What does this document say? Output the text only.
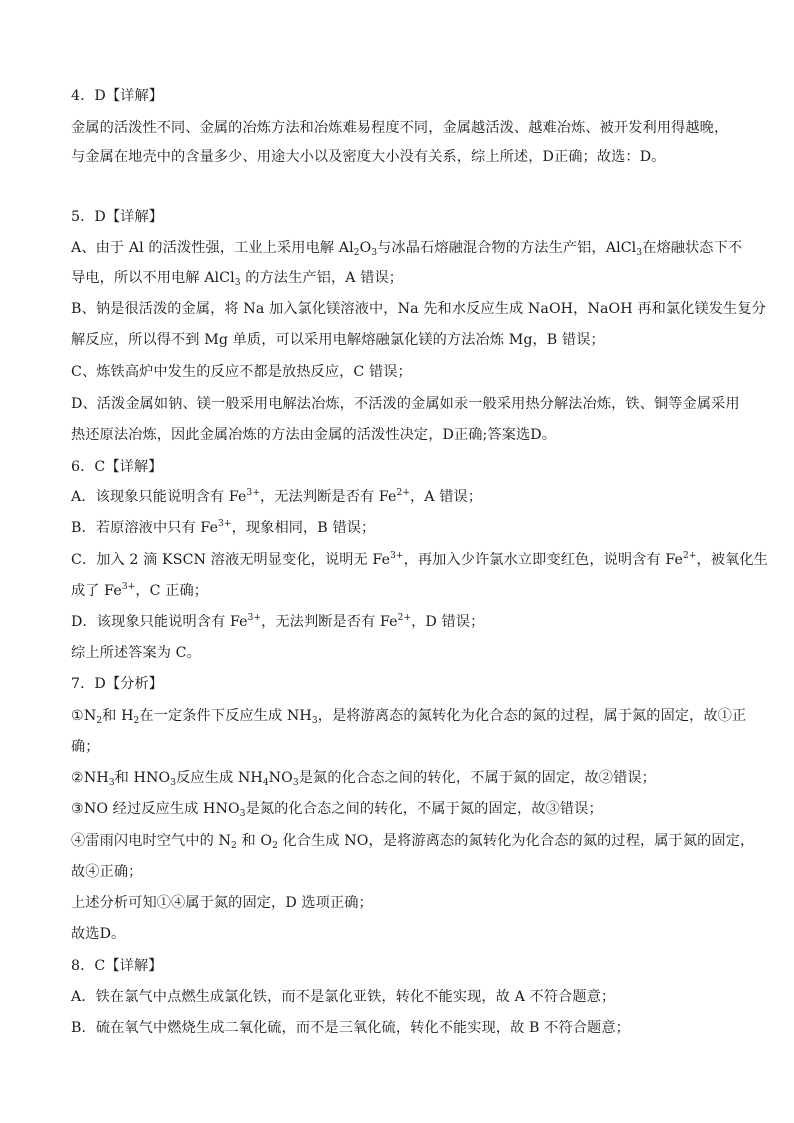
4．D【详解】
金属的活泼性不同、金属的冶炼方法和冶炼难易程度不同，金属越活泼、越难冶炼、被开发利用得越晚，
与金属在地壳中的含量多少、用途大小以及密度大小没有关系，综上所述，D正确；故选：D。
5．D【详解】
A、由于 Al 的活泼性强，工业上采用电解 $Al_2O_3$与冰晶石熔融混合物的方法生产铝，AlCl$_3$在熔融状态下不
导电，所以不用电解 AlCl$_3$ 的方法生产铝，A 错误；
B、钠是很活泼的金属，将 Na 加入氯化镁溶液中，Na 先和水反应生成 NaOH，NaOH 再和氯化镁发生复分
解反应，所以得不到 Mg 单质，可以采用电解熔融氯化镁的方法冶炼 Mg，B 错误；
C、炼铁高炉中发生的反应不都是放热反应，C 错误；
D、活泼金属如钠、镁一般采用电解法冶炼，不活泼的金属如汞一般采用热分解法冶炼，铁、铜等金属采用
热还原法冶炼，因此金属冶炼的方法由金属的活泼性决定，D正确;答案选D。
6．C【详解】
A．该现象只能说明含有 $Fe^{3+}$，无法判断是否有 $Fe^{2+}$，A 错误；
B．若原溶液中只有 $Fe^{3+}$，现象相同，B 错误；
C．加入 2 滴 KSCN 溶液无明显变化，说明无 $Fe^{3+}$，再加入少许氯水立即变红色，说明含有 $Fe^{2+}$，被氧化生
成了 $Fe^{3+}$，C 正确；
D．该现象只能说明含有 $Fe^{3+}$，无法判断是否有 $Fe^{2+}$，D 错误；
综上所述答案为 C。
7．D【分析】
$①N_2$和 $H_2$在一定条件下反应生成 $NH_3$，是将游离态的氮转化为化合态的氮的过程，属于氮的固定，故①正
确；
$②NH_3$和 $HNO_3$反应生成 $NH_4NO_3$是氮的化合态之间的转化，不属于氮的固定，故②错误；
③NO 经过反应生成 $HNO_3$是氮的化合态之间的转化，不属于氮的固定，故③错误；
④雷雨闪电时空气中的 $N_2$ 和 $O_2$ 化合生成 NO，是将游离态的氮转化为化合态的氮的过程，属于氮的固定，
故④正确；
上述分析可知①④属于氮的固定，D 选项正确；
故选D。
8．C【详解】
A．铁在氯气中点燃生成氯化铁，而不是氯化亚铁，转化不能实现，故 A 不符合题意；
B．硫在氧气中燃烧生成二氧化硫，而不是三氧化硫，转化不能实现，故 B 不符合题意；
